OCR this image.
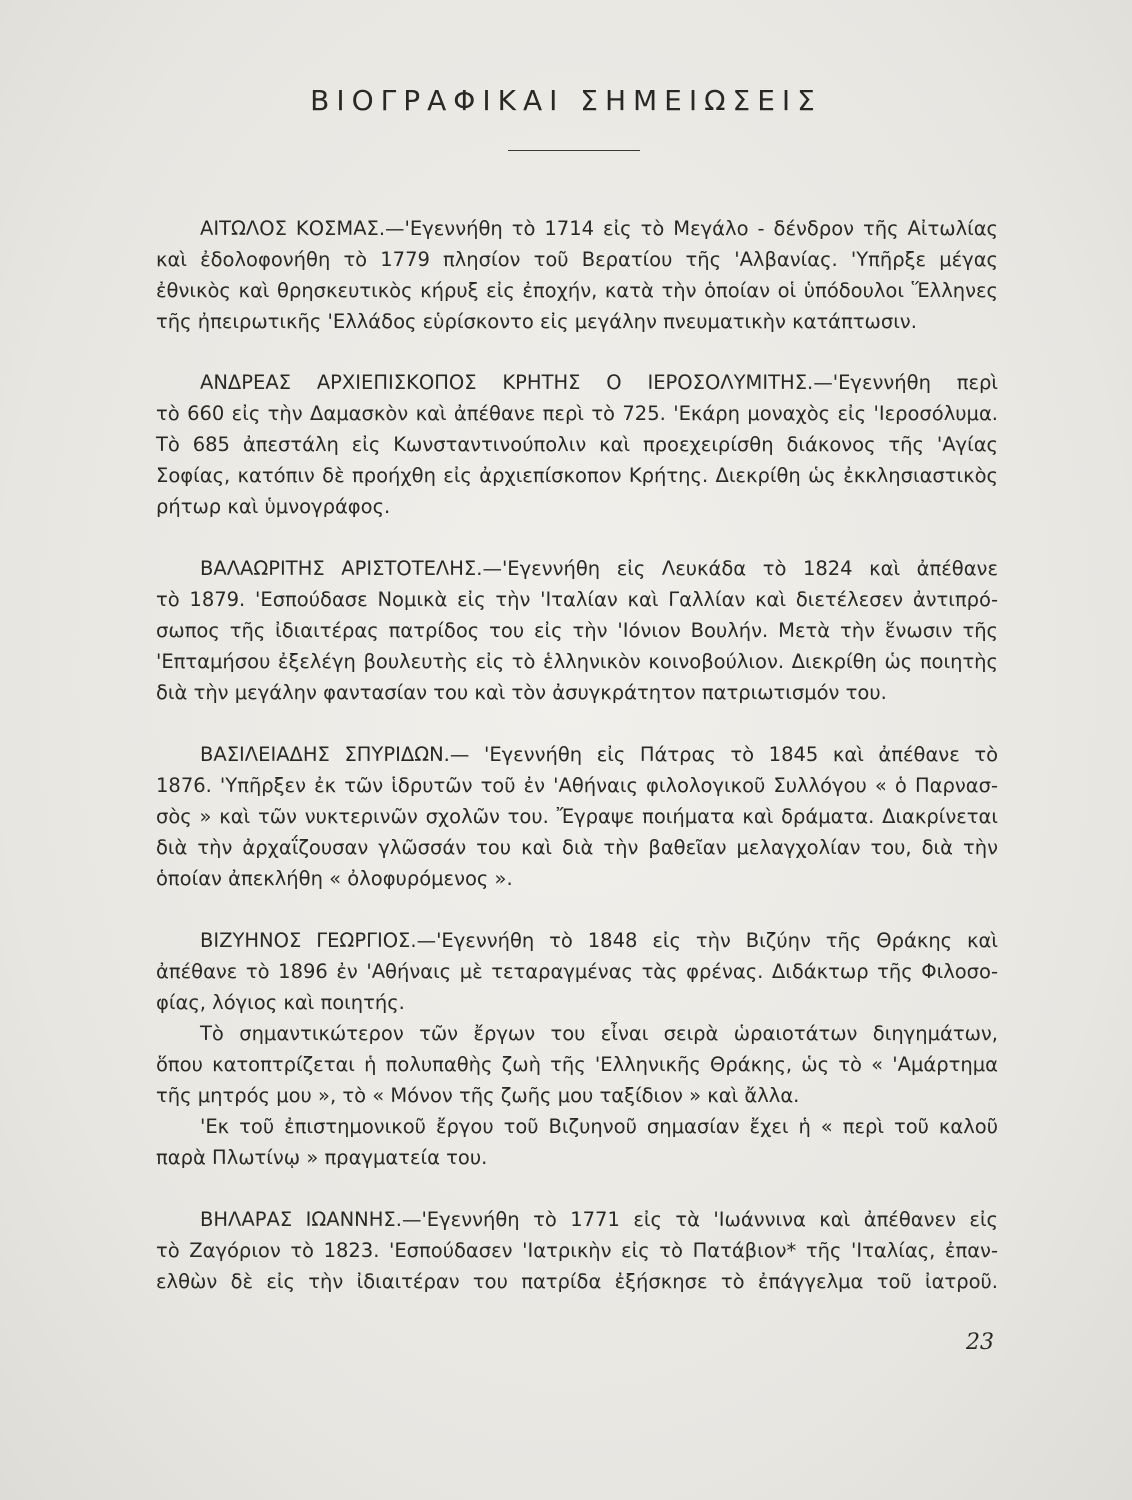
ΒΙΟΓΡΑΦΙΚΑΙ ΣΗΜΕΙΩΣΕΙΣ
ΑΙΤΩΛΟΣ ΚΟΣΜΑΣ.—'Εγεννήθη τὸ 1714 εἰς τὸ Μεγάλο - δένδρον τῆς Αἰτωλίας
καὶ ἐδολοφονήθη τὸ 1779 πλησίον τοῦ Βερατίου τῆς 'Αλβανίας. 'Υπῆρξε μέγας
ἐθνικὸς καὶ θρησκευτικὸς κήρυξ εἰς ἐποχήν, κατὰ τὴν ὁποίαν οἱ ὑπόδουλοι Ἕλληνες
τῆς ἠπειρωτικῆς 'Ελλάδος εὑρίσκοντο εἰς μεγάλην πνευματικὴν κατάπτωσιν.
ΑΝΔΡΕΑΣ ΑΡΧΙΕΠΙΣΚΟΠΟΣ ΚΡΗΤΗΣ Ο ΙΕΡΟΣΟΛΥΜΙΤΗΣ.—'Εγεννήθη περὶ
τὸ 660 εἰς τὴν Δαμασκὸν καὶ ἀπέθανε περὶ τὸ 725. 'Εκάρη μοναχὸς εἰς 'Ιεροσόλυμα.
Τὸ 685 ἀπεστάλη εἰς Κωνσταντινούπολιν καὶ προεχειρίσθη διάκονος τῆς 'Αγίας
Σοφίας, κατόπιν δὲ προήχθη εἰς ἀρχιεπίσκοπον Κρήτης. Διεκρίθη ὡς ἐκκλησιαστικὸς
ρήτωρ καὶ ὑμνογράφος.
ΒΑΛΑΩΡΙΤΗΣ ΑΡΙΣΤΟΤΕΛΗΣ.—'Εγεννήθη εἰς Λευκάδα τὸ 1824 καὶ ἀπέθανε
τὸ 1879. 'Εσπούδασε Νομικὰ εἰς τὴν 'Ιταλίαν καὶ Γαλλίαν καὶ διετέλεσεν ἀντιπρό-
σωπος τῆς ἰδιαιτέρας πατρίδος του εἰς τὴν 'Ιόνιον Βουλήν. Μετὰ τὴν ἕνωσιν τῆς
'Επταμήσου ἐξελέγη βουλευτὴς εἰς τὸ ἑλληνικὸν κοινοβούλιον. Διεκρίθη ὡς ποιητὴς
διὰ τὴν μεγάλην φαντασίαν του καὶ τὸν ἀσυγκράτητον πατριωτισμόν του.
ΒΑΣΙΛΕΙΑΔΗΣ ΣΠΥΡΙΔΩΝ.— 'Εγεννήθη εἰς Πάτρας τὸ 1845 καὶ ἀπέθανε τὸ
1876. 'Υπῆρξεν ἐκ τῶν ἱδρυτῶν τοῦ ἐν 'Αθήναις φιλολογικοῦ Συλλόγου « ὁ Παρνασ-
σὸς » καὶ τῶν νυκτερινῶν σχολῶν του. Ἔγραψε ποιήματα καὶ δράματα. Διακρίνεται
διὰ τὴν ἀρχαΐζουσαν γλῶσσάν του καὶ διὰ τὴν βαθεῖαν μελαγχολίαν του, διὰ τὴν
ὁποίαν ἀπεκλήθη « ὀλοφυρόμενος ».
ΒΙΖΥΗΝΟΣ ΓΕΩΡΓΙΟΣ.—'Εγεννήθη τὸ 1848 εἰς τὴν Βιζύην τῆς Θράκης καὶ
ἀπέθανε τὸ 1896 ἐν 'Αθήναις μὲ τεταραγμένας τὰς φρένας. Διδάκτωρ τῆς Φιλοσο-
φίας, λόγιος καὶ ποιητής.
Τὸ σημαντικώτερον τῶν ἔργων του εἶναι σειρὰ ὡραιοτάτων διηγημάτων,
ὅπου κατοπτρίζεται ἡ πολυπαθὴς ζωὴ τῆς 'Ελληνικῆς Θράκης, ὡς τὸ « 'Αμάρτημα
τῆς μητρός μου », τὸ « Μόνον τῆς ζωῆς μου ταξίδιον » καὶ ἄλλα.
'Εκ τοῦ ἐπιστημονικοῦ ἔργου τοῦ Βιζυηνοῦ σημασίαν ἔχει ἡ « περὶ τοῦ καλοῦ
παρὰ Πλωτίνῳ » πραγματεία του.
ΒΗΛΑΡΑΣ ΙΩΑΝΝΗΣ.—'Εγεννήθη τὸ 1771 εἰς τὰ 'Ιωάννινα καὶ ἀπέθανεν εἰς
τὸ Ζαγόριον τὸ 1823. 'Εσπούδασεν 'Ιατρικὴν εἰς τὸ Πατάβιον* τῆς 'Ιταλίας, ἐπαν-
ελθὼν δὲ εἰς τὴν ἰδιαιτέραν του πατρίδα ἐξήσκησε τὸ ἐπάγγελμα τοῦ ἰατροῦ.
23
